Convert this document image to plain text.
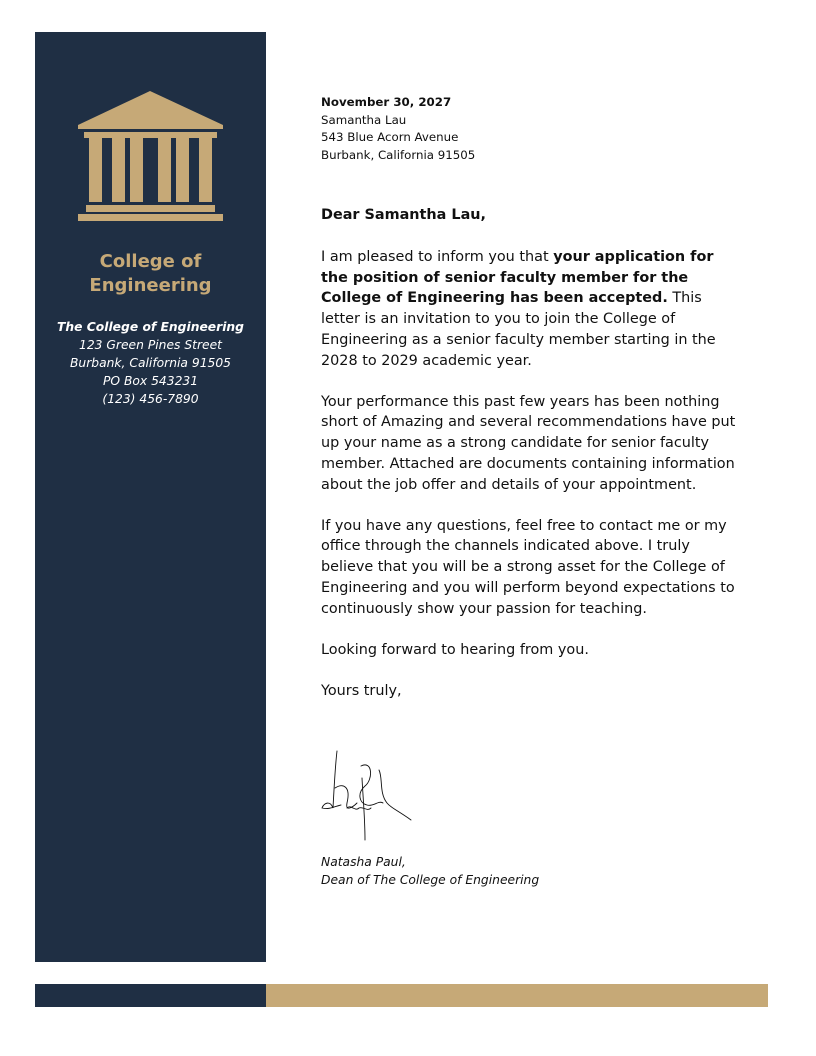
College of
Engineering
The College of Engineering
123 Green Pines Street
Burbank, California 91505
PO Box 543231
(123) 456-7890
November 30, 2027
Samantha Lau
543 Blue Acorn Avenue
Burbank, California 91505
Dear Samantha Lau,

I am pleased to inform you that your application for the position of senior faculty member for the College of Engineering has been accepted. This letter is an invitation to you to join the College of Engineering as a senior faculty member starting in the 2028 to 2029 academic year.

Your performance this past few years has been nothing short of Amazing and several recommendations have put up your name as a strong candidate for senior faculty member. Attached are documents containing information about the job offer and details of your appointment.

If you have any questions, feel free to contact me or my office through the channels indicated above. I truly believe that you will be a strong asset for the College of Engineering and you will perform beyond expectations to continuously show your passion for teaching.

Looking forward to hearing from you.

Yours truly,

Natasha Paul,
Dean of The College of Engineering
